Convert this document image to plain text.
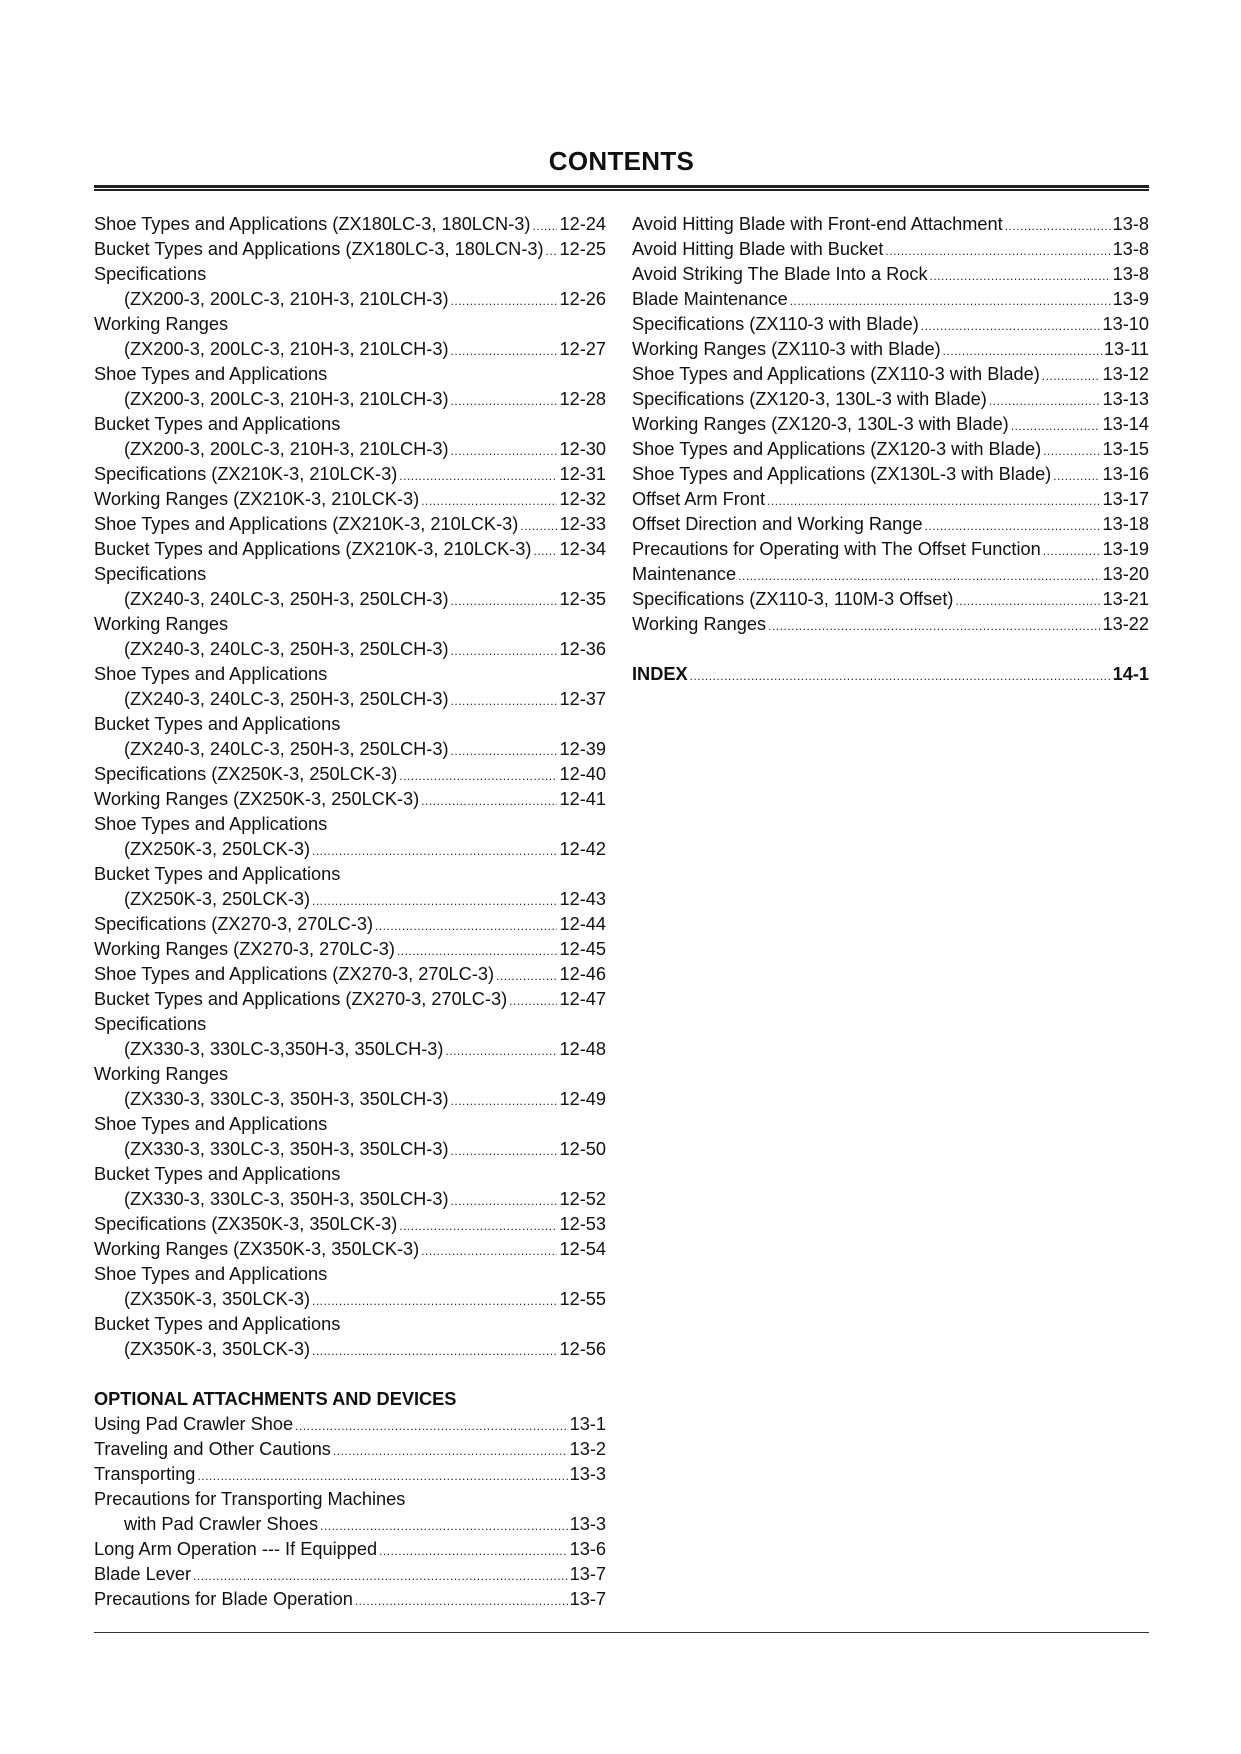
CONTENTS
Shoe Types and Applications (ZX180LC-3, 180LCN-3) ..... 12-24
Bucket Types and Applications (ZX180LC-3, 180LCN-3) ..... 12-25
Specifications
(ZX200-3, 200LC-3, 210H-3, 210LCH-3) .....	12-26
Working Ranges
(ZX200-3, 200LC-3, 210H-3, 210LCH-3) .....	12-27
Shoe Types and Applications
(ZX200-3, 200LC-3, 210H-3, 210LCH-3) .....	12-28
Bucket Types and Applications
(ZX200-3, 200LC-3, 210H-3, 210LCH-3) .....	12-30
Specifications (ZX210K-3, 210LCK-3) .....	12-31
Working Ranges (ZX210K-3, 210LCK-3) .....	12-32
Shoe Types and Applications (ZX210K-3, 210LCK-3) ..... 12-33
Bucket Types and Applications (ZX210K-3, 210LCK-3) ..... 12-34
Specifications
(ZX240-3, 240LC-3, 250H-3, 250LCH-3) .....	12-35
Working Ranges
(ZX240-3, 240LC-3, 250H-3, 250LCH-3) .....	12-36
Shoe Types and Applications
(ZX240-3, 240LC-3, 250H-3, 250LCH-3) .....	12-37
Bucket Types and Applications
(ZX240-3, 240LC-3, 250H-3, 250LCH-3) .....	12-39
Specifications (ZX250K-3, 250LCK-3) .....	12-40
Working Ranges (ZX250K-3, 250LCK-3) .....	12-41
Shoe Types and Applications
(ZX250K-3, 250LCK-3) .....	12-42
Bucket Types and Applications
(ZX250K-3, 250LCK-3) .....	12-43
Specifications (ZX270-3, 270LC-3) .....	12-44
Working Ranges (ZX270-3, 270LC-3) .....	12-45
Shoe Types and Applications (ZX270-3, 270LC-3) .....	12-46
Bucket Types and Applications (ZX270-3, 270LC-3) .....	12-47
Specifications
(ZX330-3, 330LC-3,350H-3, 350LCH-3) .....	12-48
Working Ranges
(ZX330-3, 330LC-3, 350H-3, 350LCH-3) .....	12-49
Shoe Types and Applications
(ZX330-3, 330LC-3, 350H-3, 350LCH-3) .....	12-50
Bucket Types and Applications
(ZX330-3, 330LC-3, 350H-3, 350LCH-3) .....	12-52
Specifications (ZX350K-3, 350LCK-3) .....	12-53
Working Ranges (ZX350K-3, 350LCK-3) .....	12-54
Shoe Types and Applications
(ZX350K-3, 350LCK-3) .....	12-55
Bucket Types and Applications
(ZX350K-3, 350LCK-3) .....	12-56
OPTIONAL ATTACHMENTS AND DEVICES
Using Pad Crawler Shoe .....	13-1
Traveling and Other Cautions .....	13-2
Transporting .....	13-3
Precautions for Transporting Machines
with Pad Crawler Shoes .....	13-3
Long Arm Operation --- If Equipped .....	13-6
Blade Lever .....	13-7
Precautions for Blade Operation .....	13-7
Avoid Hitting Blade with Front-end Attachment .....	13-8
Avoid Hitting Blade with Bucket .....	13-8
Avoid Striking The Blade Into a Rock .....	13-8
Blade Maintenance .....	13-9
Specifications (ZX110-3 with Blade) .....	13-10
Working Ranges (ZX110-3 with Blade) .....	13-11
Shoe Types and Applications (ZX110-3 with Blade) .....	13-12
Specifications (ZX120-3, 130L-3 with Blade) .....	13-13
Working Ranges (ZX120-3, 130L-3 with Blade) .....	13-14
Shoe Types and Applications (ZX120-3 with Blade) .....	13-15
Shoe Types and Applications (ZX130L-3 with Blade) .....	13-16
Offset Arm Front .....	13-17
Offset Direction and Working Range .....	13-18
Precautions for Operating with The Offset Function .....	13-19
Maintenance .....	13-20
Specifications (ZX110-3, 110M-3 Offset) .....	13-21
Working Ranges .....	13-22
INDEX .....	14-1
